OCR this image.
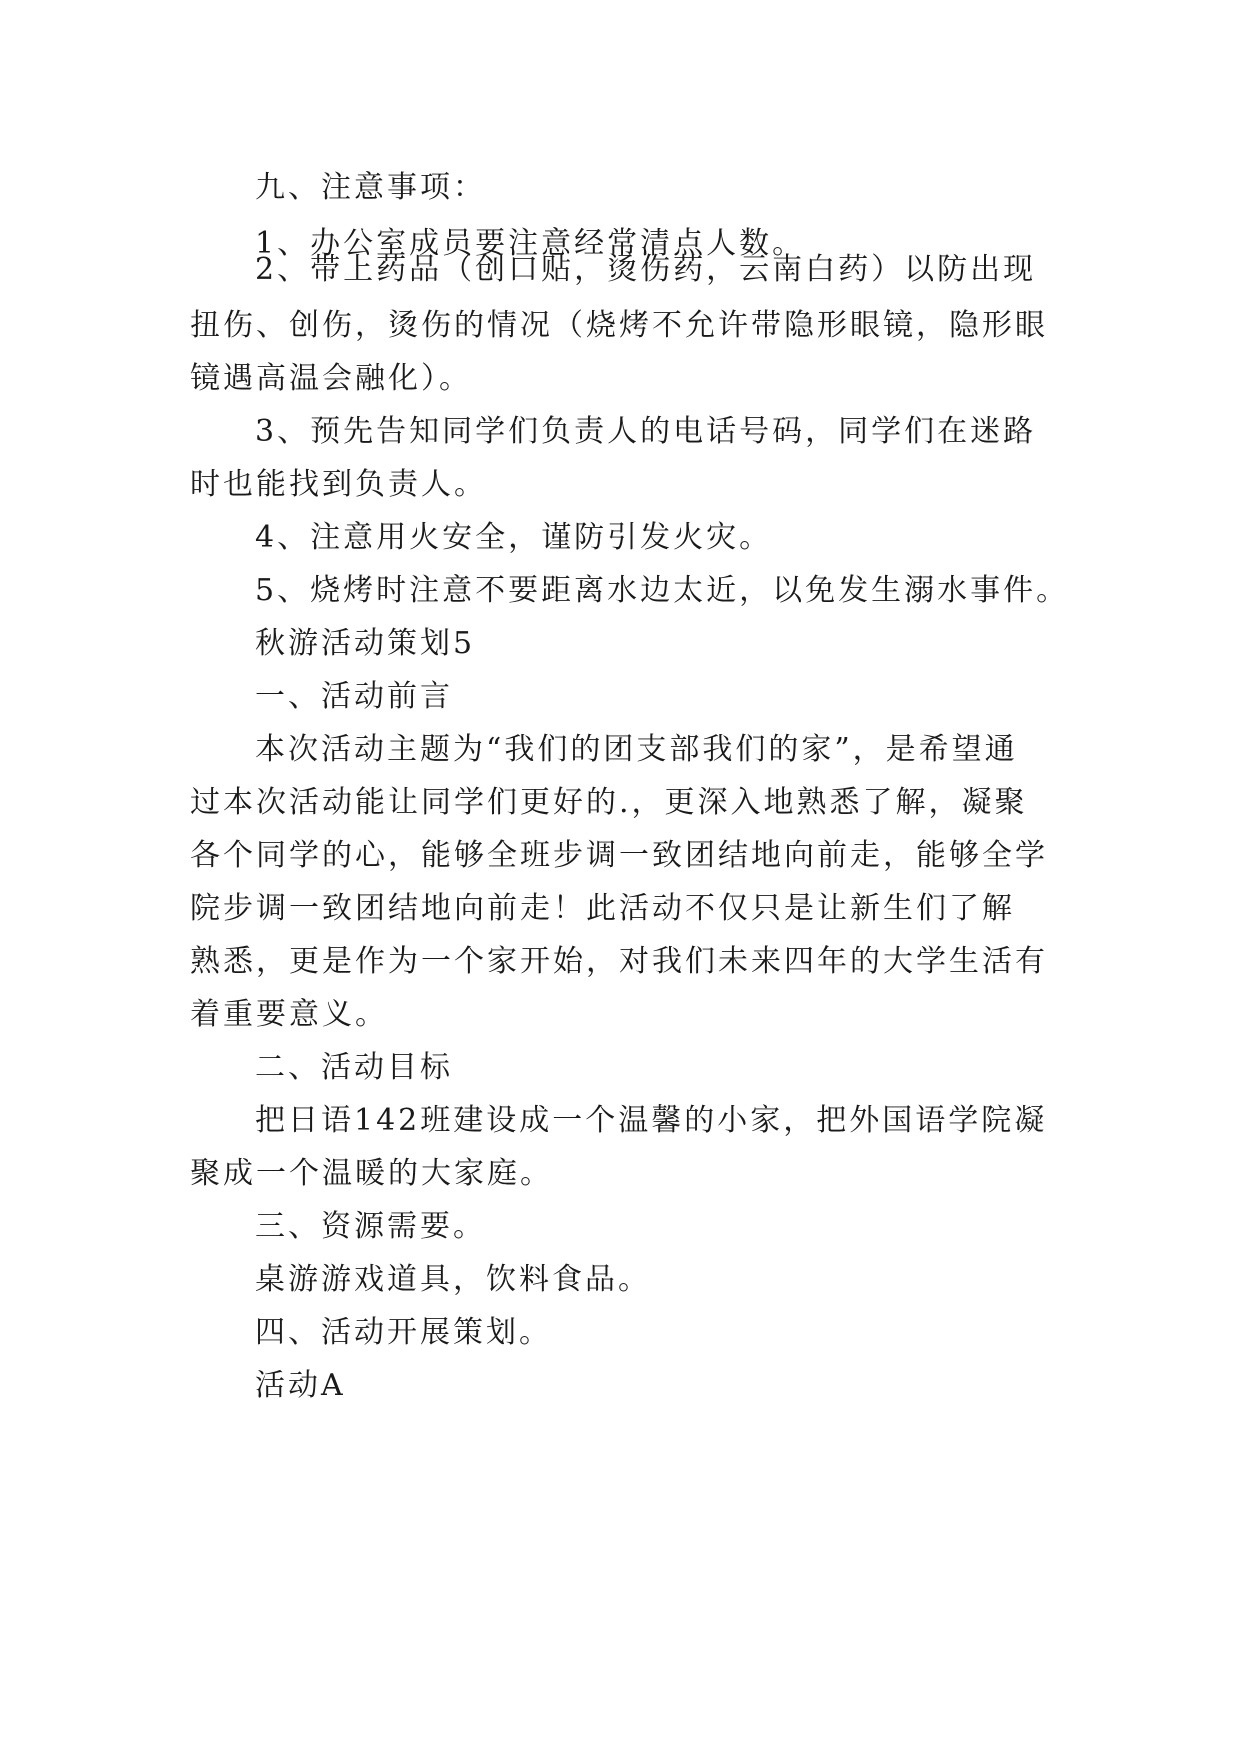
九、注意事项：

1、办公室成员要注意经常清点人数。

2、带上药品（创口贴，烫伤药，云南白药）以防出现

扭伤、创伤，烫伤的情况（烧烤不允许带隐形眼镜，隐形眼

镜遇高温会融化）。

3、预先告知同学们负责人的电话号码，同学们在迷路

时也能找到负责人。

4、注意用火安全，谨防引发火灾。

5、烧烤时注意不要距离水边太近，以免发生溺水事件。

秋游活动策划5

一、活动前言

本次活动主题为“我们的团支部我们的家”，是希望通

过本次活动能让同学们更好的.，更深入地熟悉了解，凝聚

各个同学的心，能够全班步调一致团结地向前走，能够全学

院步调一致团结地向前走！此活动不仅只是让新生们了解

熟悉，更是作为一个家开始，对我们未来四年的大学生活有

着重要意义。

二、活动目标

把日语142班建设成一个温馨的小家，把外国语学院凝

聚成一个温暖的大家庭。

三、资源需要。

桌游游戏道具，饮料食品。

四、活动开展策划。

活动A
